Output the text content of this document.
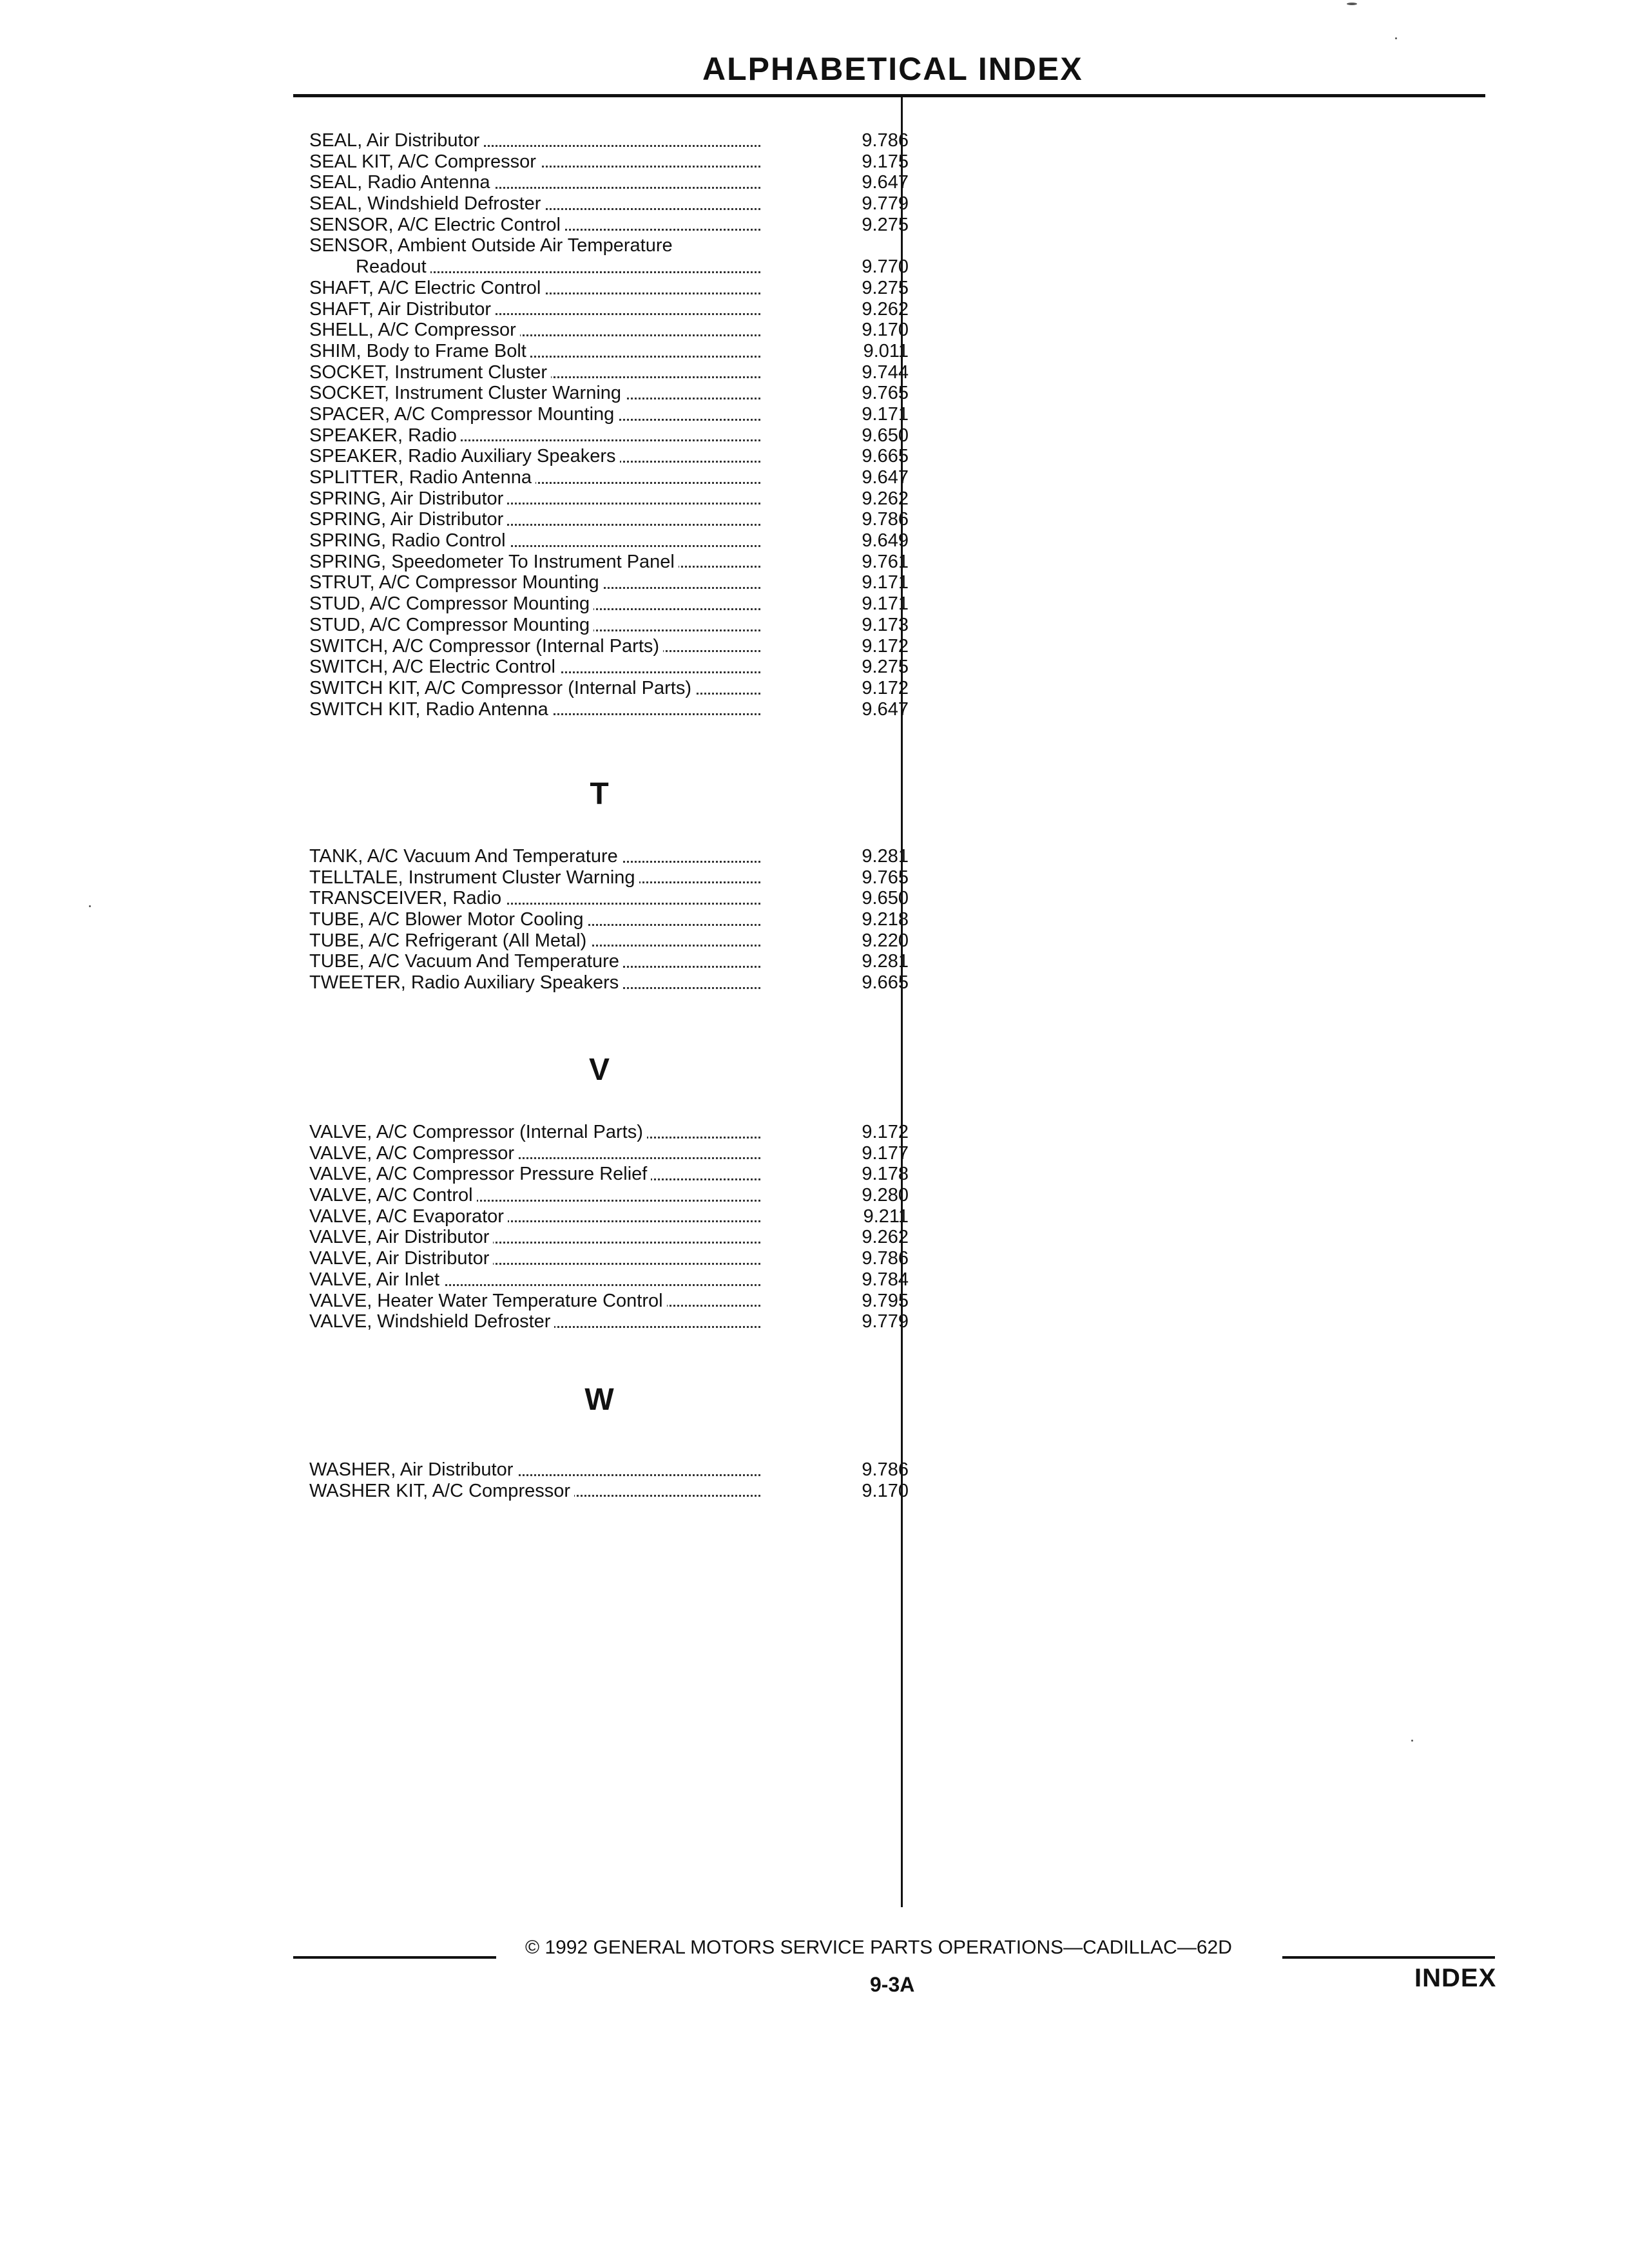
ALPHABETICAL INDEX
SEAL, Air Distributor	9.786
SEAL KIT, A/C Compressor	9.175
SEAL, Radio Antenna	9.647
SEAL, Windshield Defroster	9.779
SENSOR, A/C Electric Control	9.275
SENSOR, Ambient Outside Air Temperature
Readout	9.770
SHAFT, A/C Electric Control	9.275
SHAFT, Air Distributor	9.262
SHELL, A/C Compressor	9.170
SHIM, Body to Frame Bolt	9.011
SOCKET, Instrument Cluster	9.744
SOCKET, Instrument Cluster Warning	9.765
SPACER, A/C Compressor Mounting	9.171
SPEAKER, Radio	9.650
SPEAKER, Radio Auxiliary Speakers	9.665
SPLITTER, Radio Antenna	9.647
SPRING, Air Distributor	9.262
SPRING, Air Distributor	9.786
SPRING, Radio Control	9.649
SPRING, Speedometer To Instrument Panel	9.761
STRUT, A/C Compressor Mounting	9.171
STUD, A/C Compressor Mounting	9.171
STUD, A/C Compressor Mounting	9.173
SWITCH, A/C Compressor (Internal Parts)	9.172
SWITCH, A/C Electric Control	9.275
SWITCH KIT, A/C Compressor (Internal Parts)	9.172
SWITCH KIT, Radio Antenna	9.647
T
TANK, A/C Vacuum And Temperature	9.281
TELLTALE, Instrument Cluster Warning	9.765
TRANSCEIVER, Radio	9.650
TUBE, A/C Blower Motor Cooling	9.218
TUBE, A/C Refrigerant (All Metal)	9.220
TUBE, A/C Vacuum And Temperature	9.281
TWEETER, Radio Auxiliary Speakers	9.665
V
VALVE, A/C Compressor (Internal Parts)	9.172
VALVE, A/C Compressor	9.177
VALVE, A/C Compressor Pressure Relief	9.178
VALVE, A/C Control	9.280
VALVE, A/C Evaporator	9.211
VALVE, Air Distributor	9.262
VALVE, Air Distributor	9.786
VALVE, Air Inlet	9.784
VALVE, Heater Water Temperature Control	9.795
VALVE, Windshield Defroster	9.779
W
WASHER, Air Distributor	9.786
WASHER KIT, A/C Compressor	9.170
© 1992 GENERAL MOTORS SERVICE PARTS OPERATIONS—CADILLAC—62D
9-3A	INDEX
